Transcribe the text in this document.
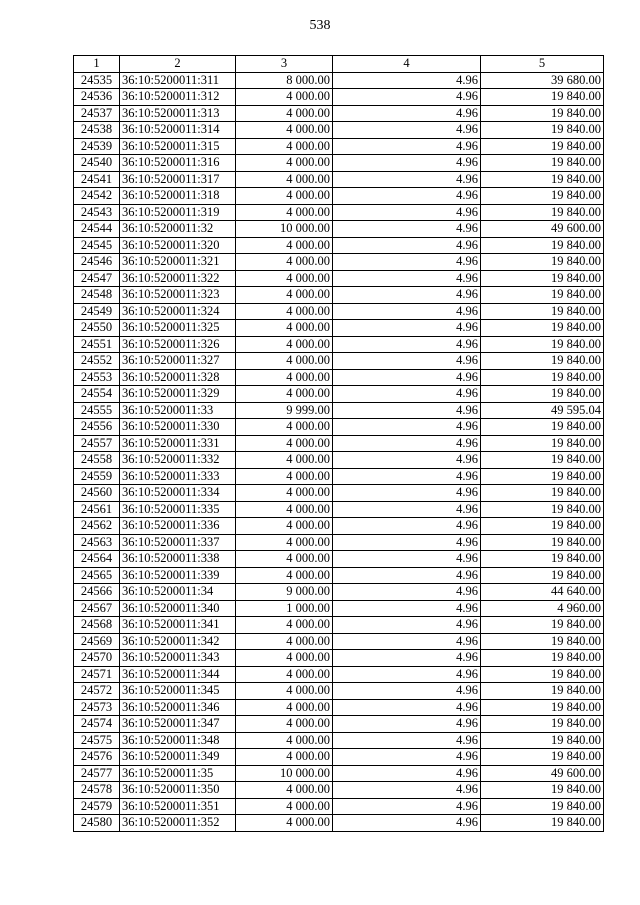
538
1	2	3	4	5
24535	36:10:5200011:311	8 000.00	4.96	39 680.00
24536	36:10:5200011:312	4 000.00	4.96	19 840.00
24537	36:10:5200011:313	4 000.00	4.96	19 840.00
24538	36:10:5200011:314	4 000.00	4.96	19 840.00
24539	36:10:5200011:315	4 000.00	4.96	19 840.00
24540	36:10:5200011:316	4 000.00	4.96	19 840.00
24541	36:10:5200011:317	4 000.00	4.96	19 840.00
24542	36:10:5200011:318	4 000.00	4.96	19 840.00
24543	36:10:5200011:319	4 000.00	4.96	19 840.00
24544	36:10:5200011:32	10 000.00	4.96	49 600.00
24545	36:10:5200011:320	4 000.00	4.96	19 840.00
24546	36:10:5200011:321	4 000.00	4.96	19 840.00
24547	36:10:5200011:322	4 000.00	4.96	19 840.00
24548	36:10:5200011:323	4 000.00	4.96	19 840.00
24549	36:10:5200011:324	4 000.00	4.96	19 840.00
24550	36:10:5200011:325	4 000.00	4.96	19 840.00
24551	36:10:5200011:326	4 000.00	4.96	19 840.00
24552	36:10:5200011:327	4 000.00	4.96	19 840.00
24553	36:10:5200011:328	4 000.00	4.96	19 840.00
24554	36:10:5200011:329	4 000.00	4.96	19 840.00
24555	36:10:5200011:33	9 999.00	4.96	49 595.04
24556	36:10:5200011:330	4 000.00	4.96	19 840.00
24557	36:10:5200011:331	4 000.00	4.96	19 840.00
24558	36:10:5200011:332	4 000.00	4.96	19 840.00
24559	36:10:5200011:333	4 000.00	4.96	19 840.00
24560	36:10:5200011:334	4 000.00	4.96	19 840.00
24561	36:10:5200011:335	4 000.00	4.96	19 840.00
24562	36:10:5200011:336	4 000.00	4.96	19 840.00
24563	36:10:5200011:337	4 000.00	4.96	19 840.00
24564	36:10:5200011:338	4 000.00	4.96	19 840.00
24565	36:10:5200011:339	4 000.00	4.96	19 840.00
24566	36:10:5200011:34	9 000.00	4.96	44 640.00
24567	36:10:5200011:340	1 000.00	4.96	4 960.00
24568	36:10:5200011:341	4 000.00	4.96	19 840.00
24569	36:10:5200011:342	4 000.00	4.96	19 840.00
24570	36:10:5200011:343	4 000.00	4.96	19 840.00
24571	36:10:5200011:344	4 000.00	4.96	19 840.00
24572	36:10:5200011:345	4 000.00	4.96	19 840.00
24573	36:10:5200011:346	4 000.00	4.96	19 840.00
24574	36:10:5200011:347	4 000.00	4.96	19 840.00
24575	36:10:5200011:348	4 000.00	4.96	19 840.00
24576	36:10:5200011:349	4 000.00	4.96	19 840.00
24577	36:10:5200011:35	10 000.00	4.96	49 600.00
24578	36:10:5200011:350	4 000.00	4.96	19 840.00
24579	36:10:5200011:351	4 000.00	4.96	19 840.00
24580	36:10:5200011:352	4 000.00	4.96	19 840.00
